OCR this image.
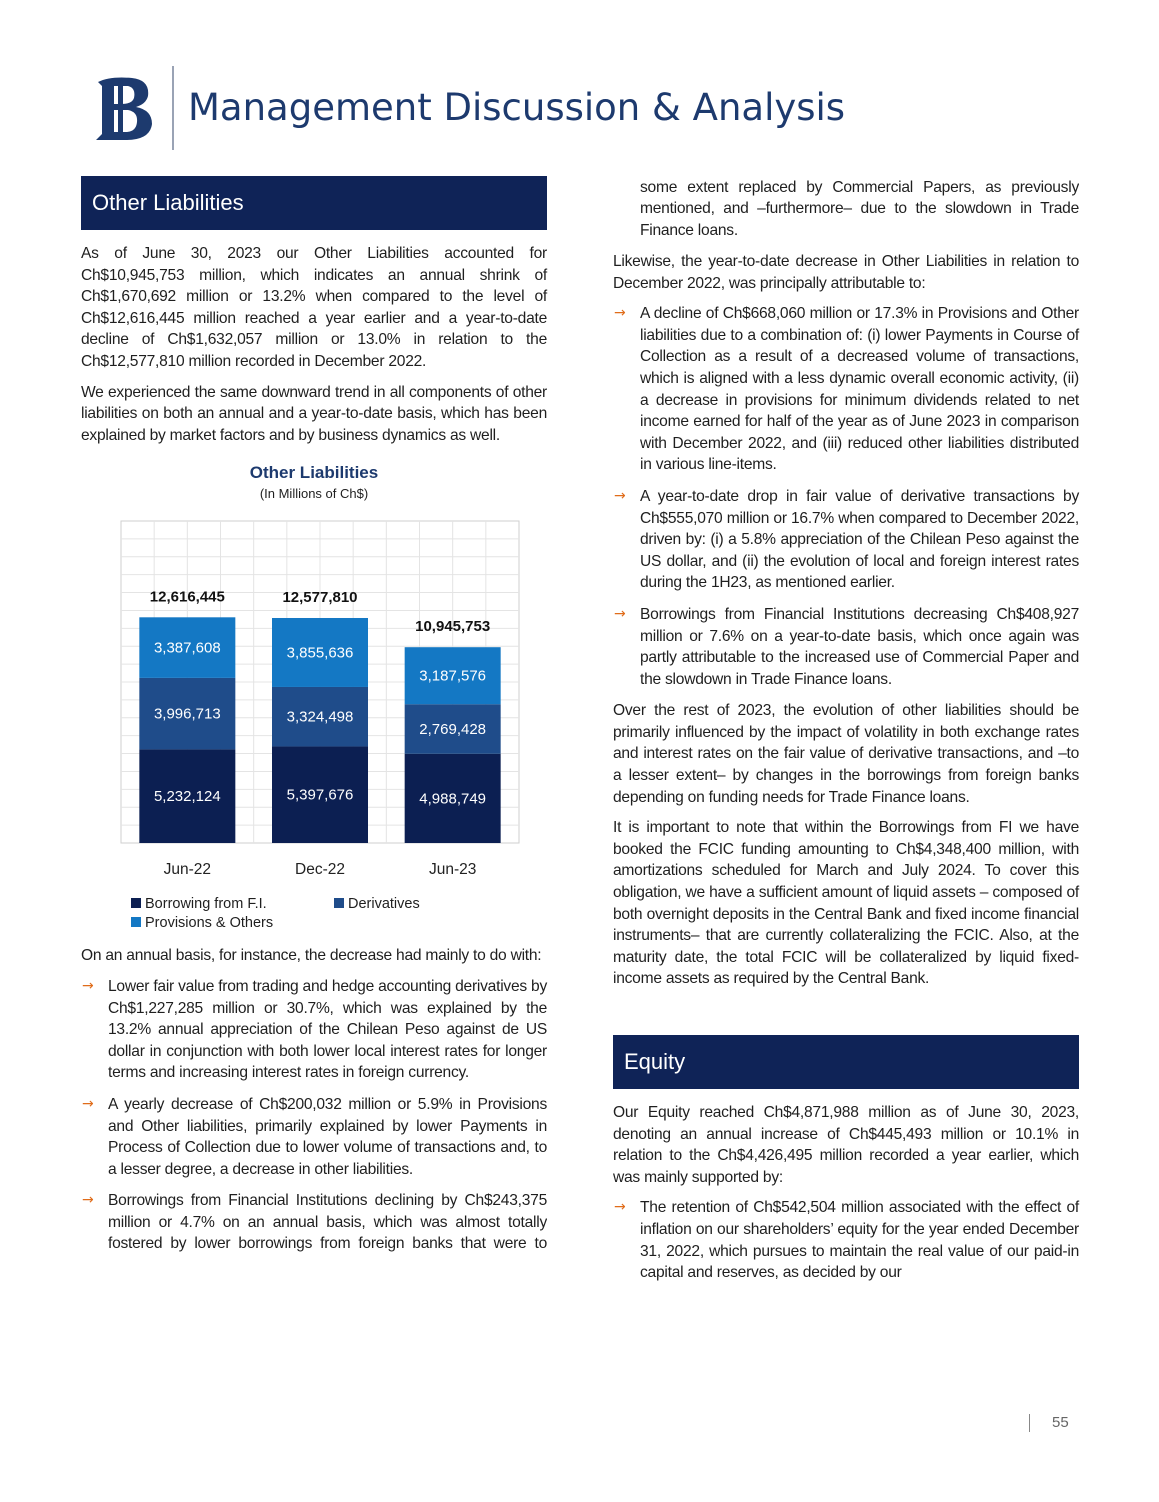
Management Discussion & Analysis
Other Liabilities

As of June 30, 2023 our Other Liabilities accounted for Ch$10,945,753 million, which indicates an annual shrink of Ch$1,670,692 million or 13.2% when compared to the level of Ch$12,616,445 million reached a year earlier and a year-to-date decline of Ch$1,632,057 million or 13.0% in relation to the Ch$12,577,810 million recorded in December 2022.

We experienced the same downward trend in all components of other liabilities on both an annual and a year-to-date basis, which has been explained by market factors and by business dynamics as well.

Other Liabilities
(In Millions of Ch$)
5,232,124
3,996,713
3,387,608
12,616,445
Jun-22
5,397,676
3,324,498
3,855,636
12,577,810
Dec-22
4,988,749
2,769,428
3,187,576
10,945,753
Jun-23
Borrowing from F.I.	Derivatives
Provisions & Others

On an annual basis, for instance, the decrease had mainly to do with:

→ Lower fair value from trading and hedge accounting derivatives by Ch$1,227,285 million or 30.7%, which was explained by the 13.2% annual appreciation of the Chilean Peso against de US dollar in conjunction with both lower local interest rates for longer terms and increasing interest rates in foreign currency.
→ A yearly decrease of Ch$200,032 million or 5.9% in Provisions and Other liabilities, primarily explained by lower Payments in Process of Collection due to lower volume of transactions and, to a lesser degree, a decrease in other liabilities.
→ Borrowings from Financial Institutions declining by Ch$243,375 million or 4.7% on an annual basis, which was almost totally fostered by lower borrowings from foreign banks that were to
some extent replaced by Commercial Papers, as previously mentioned, and –furthermore– due to the slowdown in Trade Finance loans.

Likewise, the year-to-date decrease in Other Liabilities in relation to December 2022, was principally attributable to:

→ A decline of Ch$668,060 million or 17.3% in Provisions and Other liabilities due to a combination of: (i) lower Payments in Course of Collection as a result of a decreased volume of transactions, which is aligned with a less dynamic overall economic activity, (ii) a decrease in provisions for minimum dividends related to net income earned for half of the year as of June 2023 in comparison with December 2022, and (iii) reduced other liabilities distributed in various line-items.
→ A year-to-date drop in fair value of derivative transactions by Ch$555,070 million or 16.7% when compared to December 2022, driven by: (i) a 5.8% appreciation of the Chilean Peso against the US dollar, and (ii) the evolution of local and foreign interest rates during the 1H23, as mentioned earlier.
→ Borrowings from Financial Institutions decreasing Ch$408,927 million or 7.6% on a year-to-date basis, which once again was partly attributable to the increased use of Commercial Paper and the slowdown in Trade Finance loans.

Over the rest of 2023, the evolution of other liabilities should be primarily influenced by the impact of volatility in both exchange rates and interest rates on the fair value of derivative transactions, and –to a lesser extent– by changes in the borrowings from foreign banks depending on funding needs for Trade Finance loans.

It is important to note that within the Borrowings from FI we have booked the FCIC funding amounting to Ch$4,348,400 million, with amortizations scheduled for March and July 2024. To cover this obligation, we have a sufficient amount of liquid assets – composed of both overnight deposits in the Central Bank and fixed income financial instruments– that are currently collateralizing the FCIC. Also, at the maturity date, the total FCIC will be collateralized by liquid fixed-income assets as required by the Central Bank.

Equity

Our Equity reached Ch$4,871,988 million as of June 30, 2023, denoting an annual increase of Ch$445,493 million or 10.1% in relation to the Ch$4,426,495 million recorded a year earlier, which was mainly supported by:

→ The retention of Ch$542,504 million associated with the effect of inflation on our shareholders’ equity for the year ended December 31, 2022, which pursues to maintain the real value of our paid-in capital and reserves, as decided by our
55
